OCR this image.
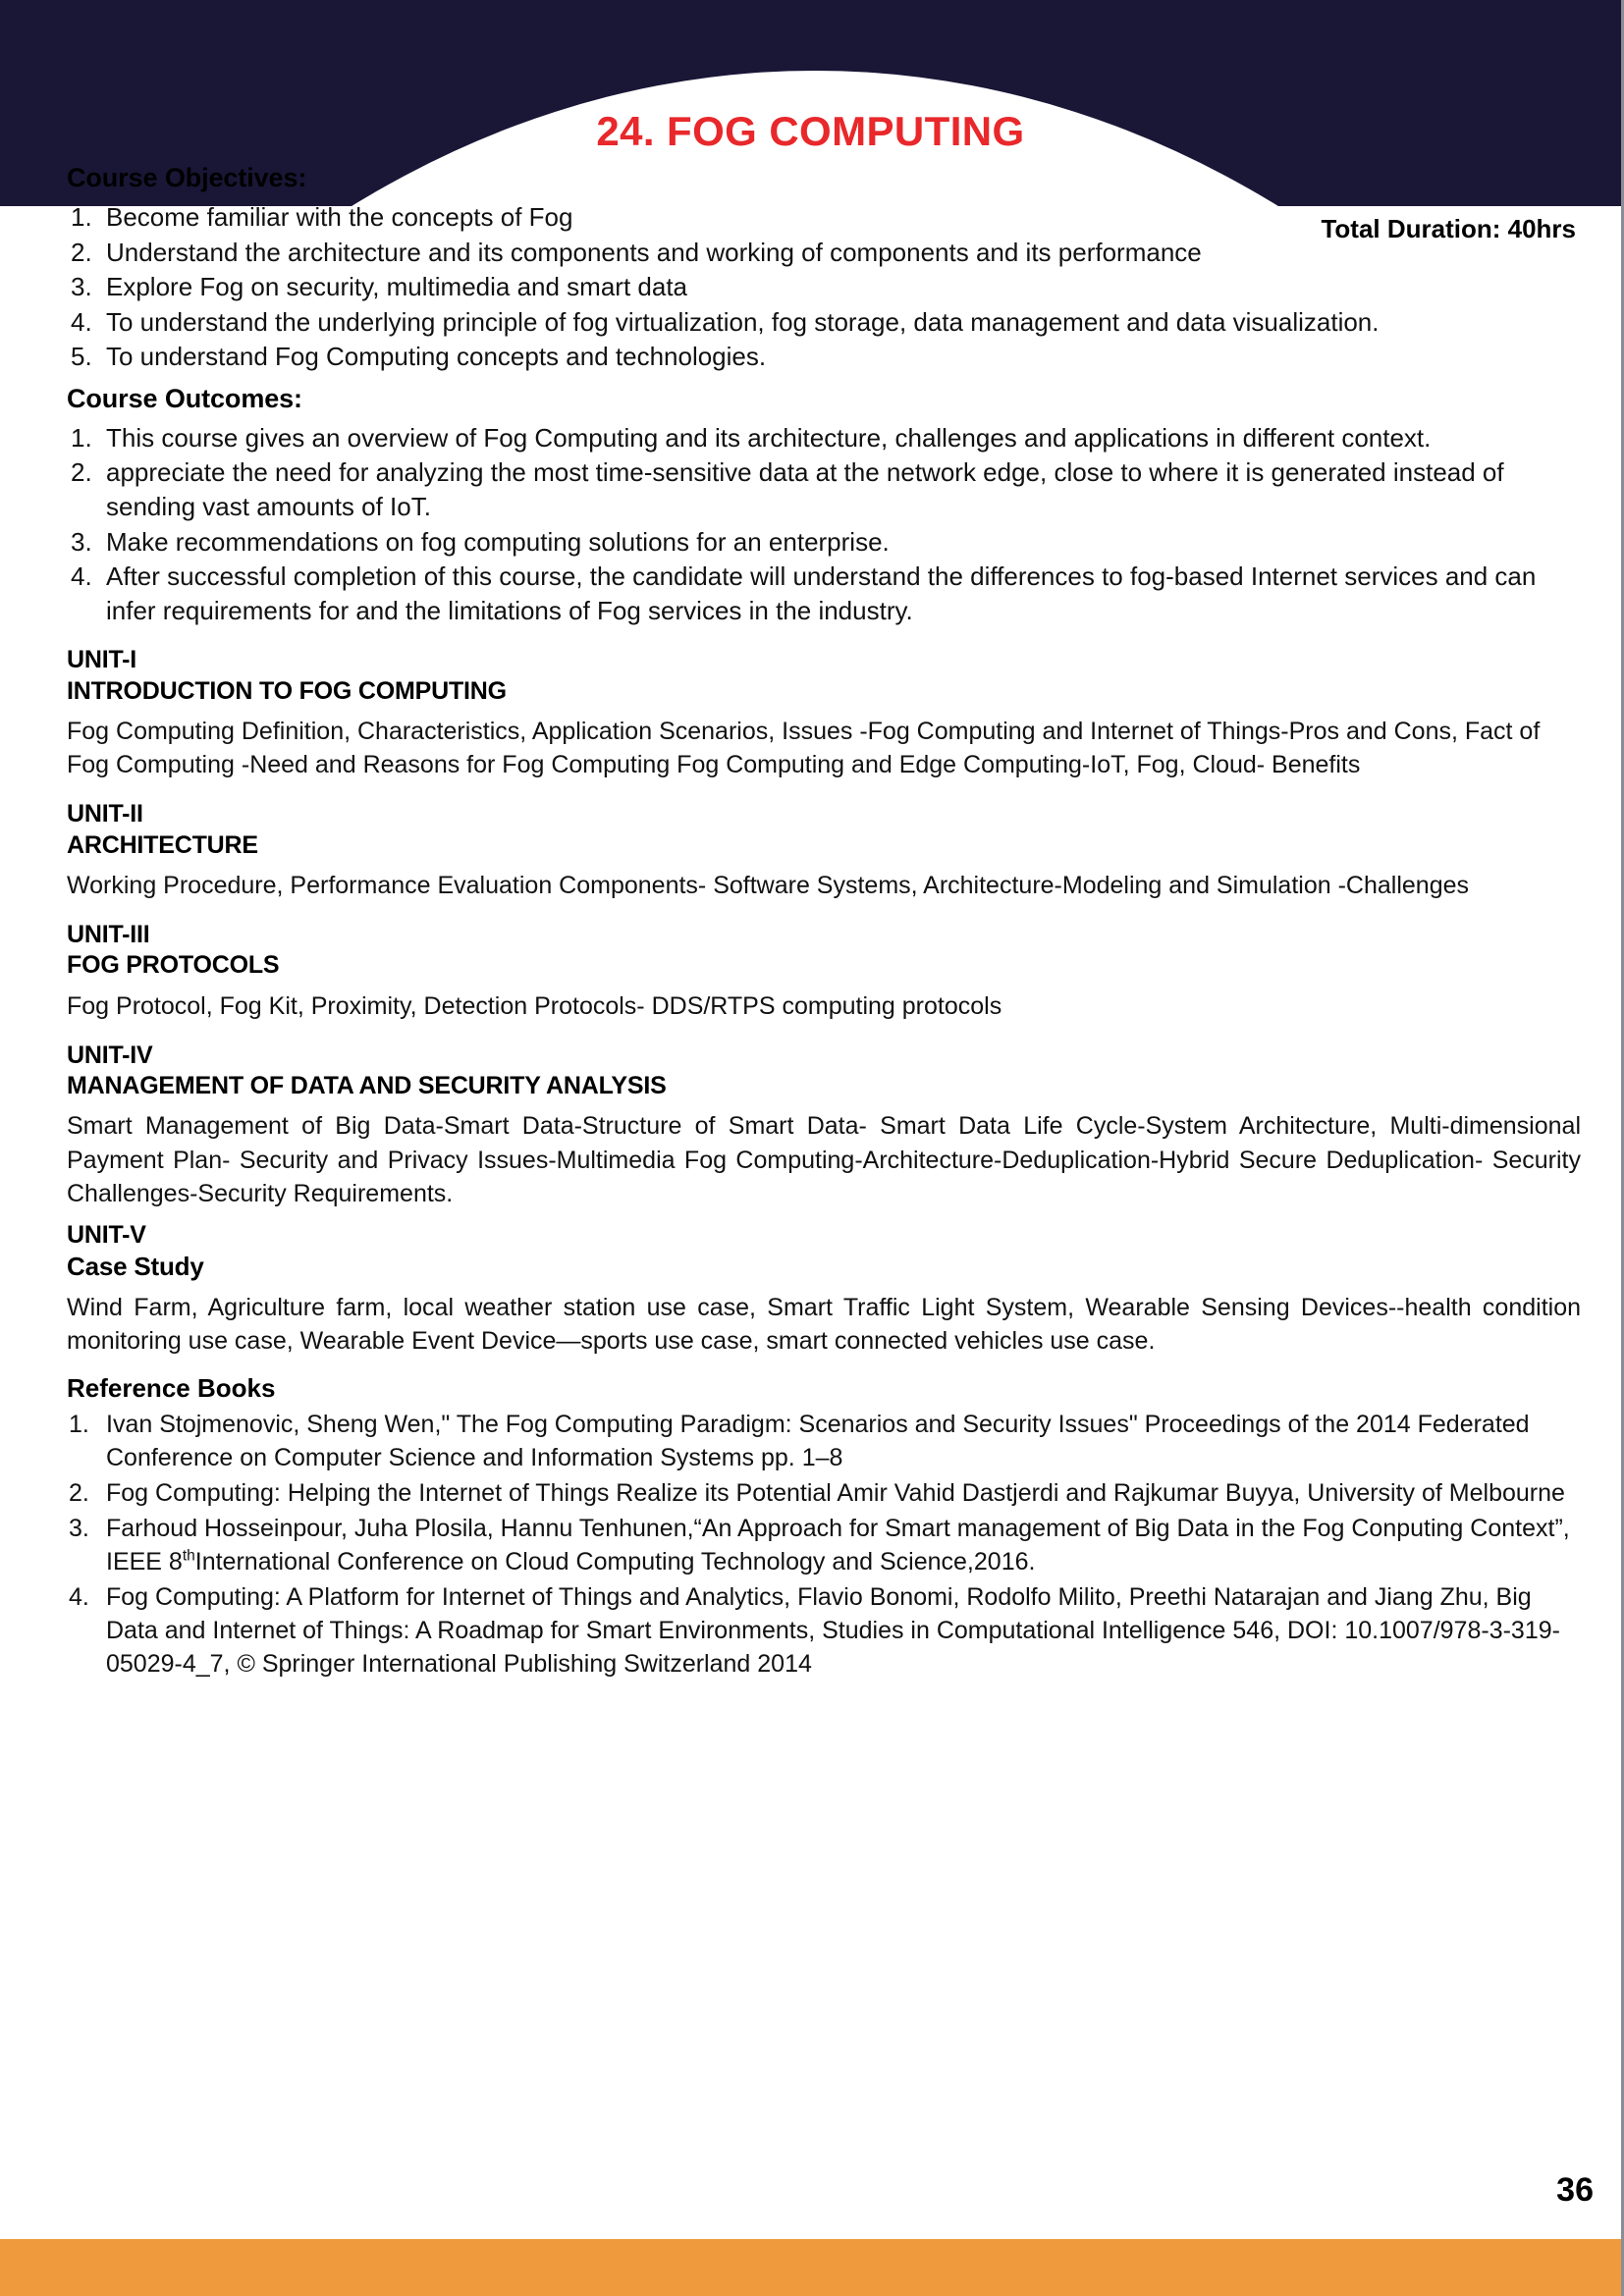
24. FOG COMPUTING
Total Duration: 40hrs
Course Objectives:
1. Become familiar with the concepts of Fog
2. Understand the architecture and its components and working of components and its performance
3. Explore Fog on security, multimedia and smart data
4. To understand the underlying principle of fog virtualization, fog storage, data management and data visualization.
5. To understand Fog Computing concepts and technologies.
Course Outcomes:
1. This course gives an overview of Fog Computing and its architecture, challenges and applications in different context.
2. appreciate the need for analyzing the most time-sensitive data at the network edge, close to where it is generated instead of sending vast amounts of IoT.
3. Make recommendations on fog computing solutions for an enterprise.
4. After successful completion of this course, the candidate will understand the differences to fog-based Internet services and can infer requirements for and the limitations of Fog services in the industry.
UNIT-I
INTRODUCTION TO FOG COMPUTING
Fog Computing Definition, Characteristics, Application Scenarios, Issues -Fog Computing and Internet of Things-Pros and Cons, Fact of Fog Computing -Need and Reasons for Fog Computing Fog Computing and Edge Computing-IoT, Fog, Cloud- Benefits
UNIT-II
ARCHITECTURE
Working Procedure, Performance Evaluation Components- Software Systems, Architecture-Modeling and Simulation -Challenges
UNIT-III
FOG PROTOCOLS
Fog Protocol, Fog Kit, Proximity, Detection Protocols- DDS/RTPS computing protocols
UNIT-IV
MANAGEMENT OF DATA AND SECURITY ANALYSIS
Smart Management of Big Data-Smart Data-Structure of Smart Data- Smart Data Life Cycle-System Architecture, Multi-dimensional Payment Plan- Security and Privacy Issues-Multimedia Fog Computing-Architecture-Deduplication-Hybrid Secure Deduplication- Security Challenges-Security Requirements.
UNIT-V
Case Study
Wind Farm, Agriculture farm, local weather station use case, Smart Traffic Light System, Wearable Sensing Devices--health condition monitoring use case, Wearable Event Device—sports use case, smart connected vehicles use case.
Reference Books
1. Ivan Stojmenovic, Sheng Wen," The Fog Computing Paradigm: Scenarios and Security Issues" Proceedings of the 2014 Federated Conference on Computer Science and Information Systems pp. 1–8
2. Fog Computing: Helping the Internet of Things Realize its Potential Amir Vahid Dastjerdi and Rajkumar Buyya, University of Melbourne
3. Farhoud Hosseinpour, Juha Plosila, Hannu Tenhunen,“An Approach for Smart management of Big Data in the Fog Conputing Context”, IEEE 8thInternational Conference on Cloud Computing Technology and Science,2016.
4. Fog Computing: A Platform for Internet of Things and Analytics, Flavio Bonomi, Rodolfo Milito, Preethi Natarajan and Jiang Zhu, Big Data and Internet of Things: A Roadmap for Smart Environments, Studies in Computational Intelligence 546, DOI: 10.1007/978-3-319-05029-4_7, © Springer International Publishing Switzerland 2014
36
